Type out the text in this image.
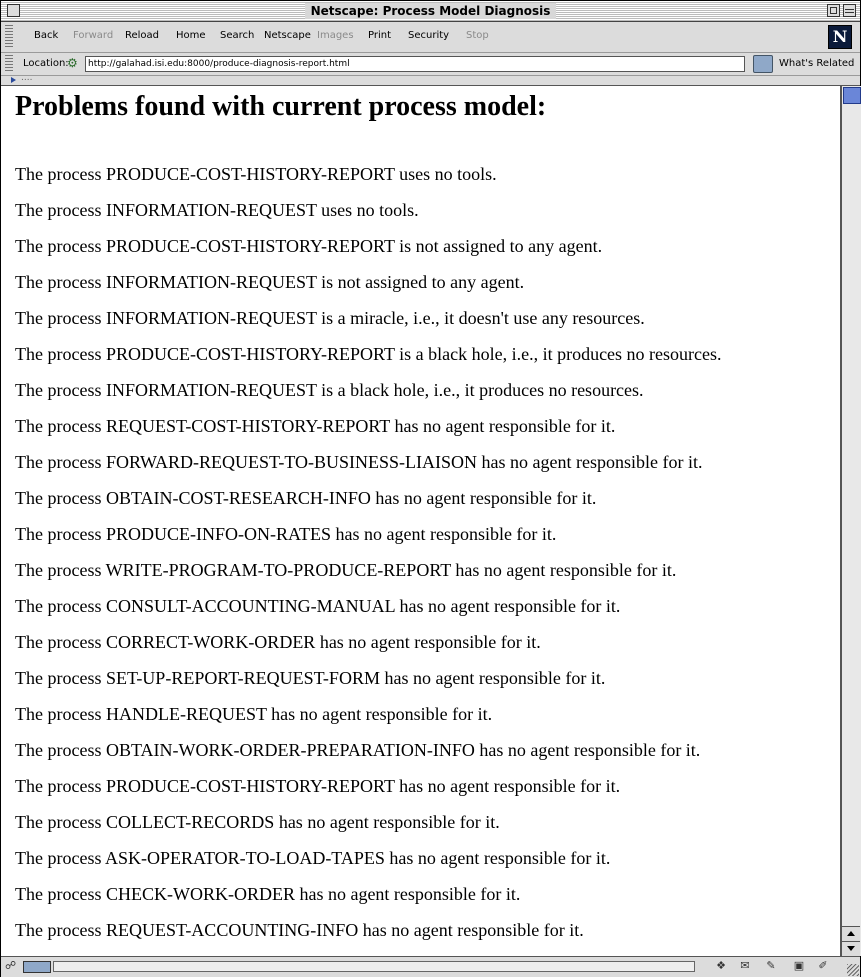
Netscape: Process Model Diagnosis
Back Forward Reload Home Search Netscape Images Print Security Stop	N
Location:
⚙	http://galahad.isi.edu:8000/produce-diagnosis-report.html	What's Related
....
Problems found with current process model:

The process PRODUCE-COST-HISTORY-REPORT uses no tools.

The process INFORMATION-REQUEST uses no tools.

The process PRODUCE-COST-HISTORY-REPORT is not assigned to any agent.

The process INFORMATION-REQUEST is not assigned to any agent.

The process INFORMATION-REQUEST is a miracle, i.e., it doesn't use any resources.

The process PRODUCE-COST-HISTORY-REPORT is a black hole, i.e., it produces no resources.

The process INFORMATION-REQUEST is a black hole, i.e., it produces no resources.

The process REQUEST-COST-HISTORY-REPORT has no agent responsible for it.

The process FORWARD-REQUEST-TO-BUSINESS-LIAISON has no agent responsible for it.

The process OBTAIN-COST-RESEARCH-INFO has no agent responsible for it.

The process PRODUCE-INFO-ON-RATES has no agent responsible for it.

The process WRITE-PROGRAM-TO-PRODUCE-REPORT has no agent responsible for it.

The process CONSULT-ACCOUNTING-MANUAL has no agent responsible for it.

The process CORRECT-WORK-ORDER has no agent responsible for it.

The process SET-UP-REPORT-REQUEST-FORM has no agent responsible for it.

The process HANDLE-REQUEST has no agent responsible for it.

The process OBTAIN-WORK-ORDER-PREPARATION-INFO has no agent responsible for it.

The process PRODUCE-COST-HISTORY-REPORT has no agent responsible for it.

The process COLLECT-RECORDS has no agent responsible for it.

The process ASK-OPERATOR-TO-LOAD-TAPES has no agent responsible for it.

The process CHECK-WORK-ORDER has no agent responsible for it.

The process REQUEST-ACCOUNTING-INFO has no agent responsible for it.

☍	❖	✉	✎	▣	✐
